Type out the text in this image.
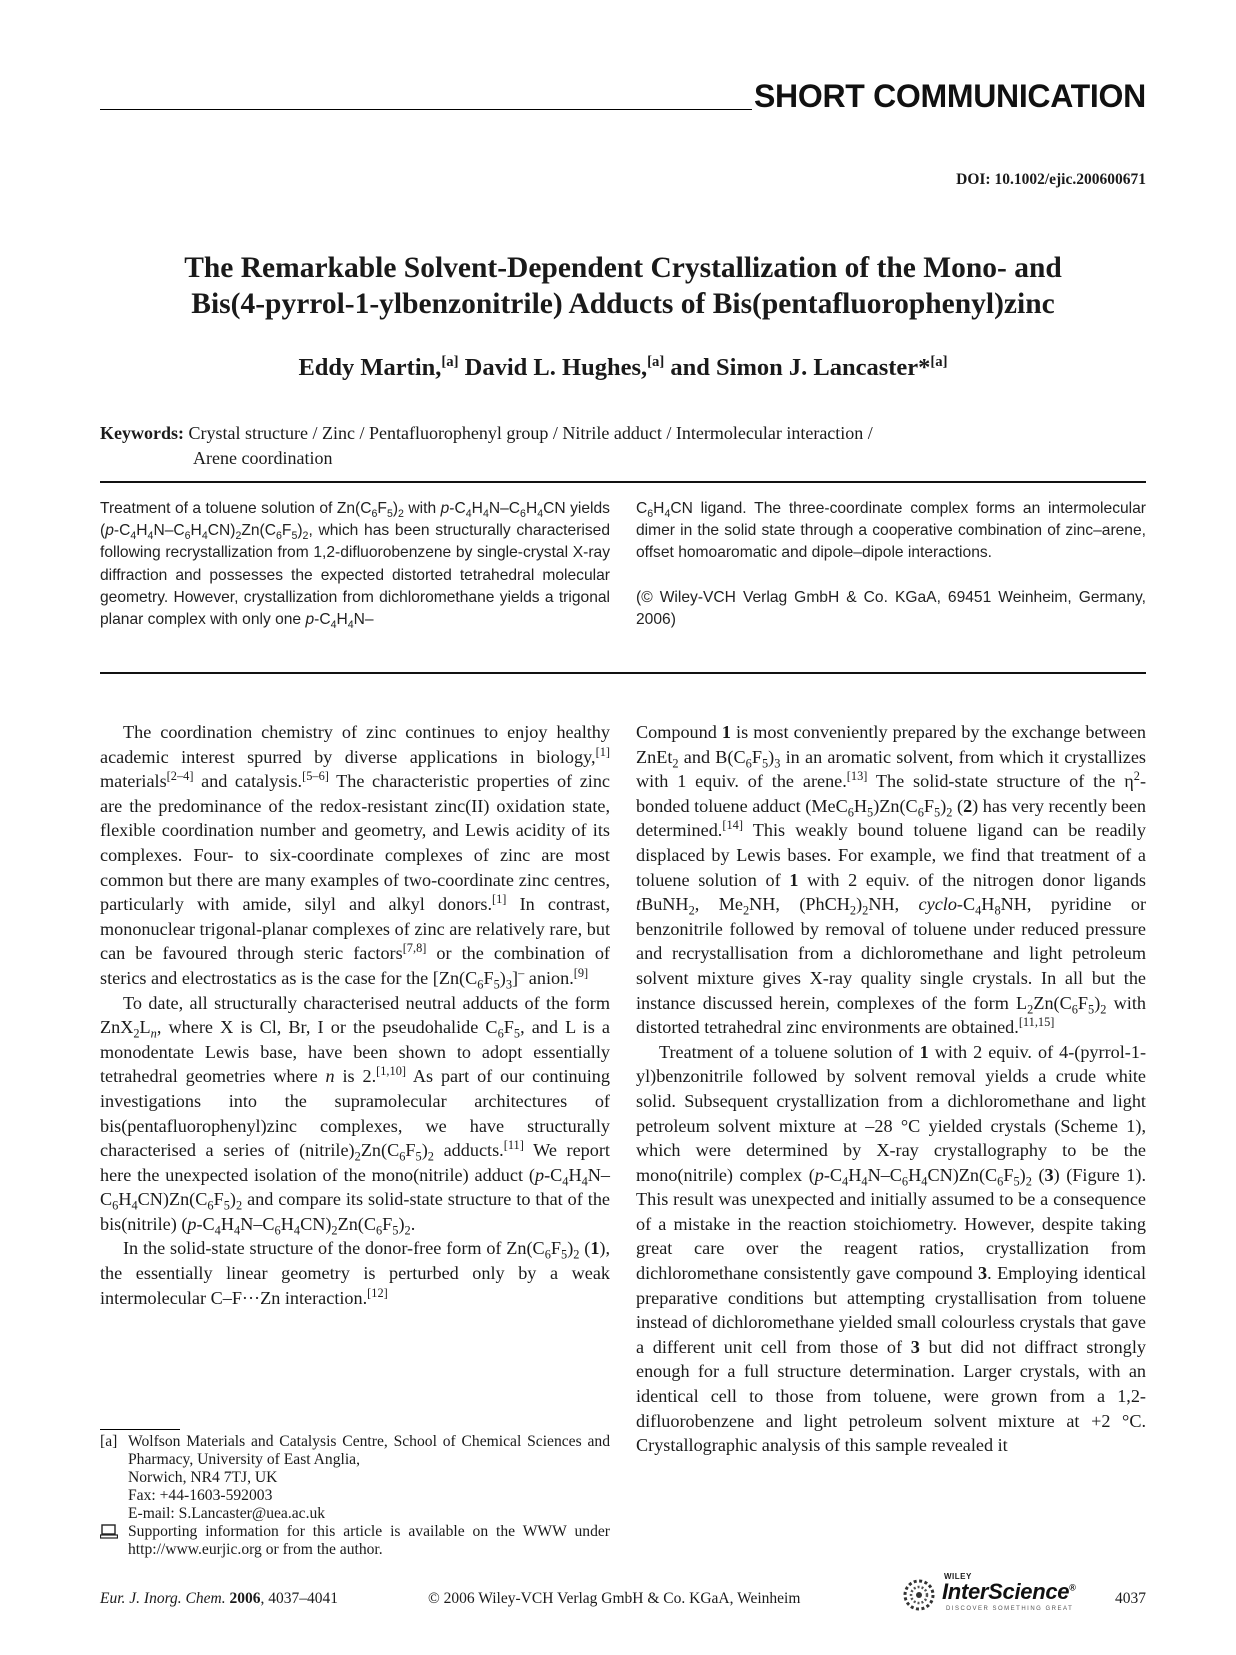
SHORT COMMUNICATION
DOI: 10.1002/ejic.200600671
The Remarkable Solvent-Dependent Crystallization of the Mono- and
Bis(4-pyrrol-1-ylbenzonitrile) Adducts of Bis(pentafluorophenyl)zinc
Eddy Martin,[a] David L. Hughes,[a] and Simon J. Lancaster*[a]
Keywords: Crystal structure / Zinc / Pentafluorophenyl group / Nitrile adduct / Intermolecular interaction /
Arene coordination

Treatment of a toluene solution of $Zn(C_6F_5)_2$ with $p-C_4H_4N-C_6H_4CN$ yields $(p-C_4H_4N-C_6H_4CN)_2Zn(C_6F_5)_2$, which has been structurally characterised following recrystallization from 1,2-difluorobenzene by single-crystal X-ray diffraction and possesses the expected distorted tetrahedral molecular geometry. However, crystallization from dichloromethane yields a trigonal planar complex with only one $p-C_4H_4N-$

$C_6H_4CN$ ligand. The three-coordinate complex forms an intermolecular dimer in the solid state through a cooperative combination of zinc–arene, offset homoaromatic and dipole–dipole interactions.

(© Wiley-VCH Verlag GmbH & Co. KGaA, 69451 Weinheim, Germany, 2006)

The coordination chemistry of zinc continues to enjoy healthy academic interest spurred by diverse applications in biology,[1] materials[2–4] and catalysis.[5–6] The characteristic properties of zinc are the predominance of the redox-resistant zinc(II) oxidation state, flexible coordination number and geometry, and Lewis acidity of its complexes. Four- to six-coordinate complexes of zinc are most common but there are many examples of two-coordinate zinc centres, particularly with amide, silyl and alkyl donors.[1] In contrast, mononuclear trigonal-planar complexes of zinc are relatively rare, but can be favoured through steric factors[7,8] or the combination of sterics and electrostatics as is the case for the $[Zn(C_6F_5)_3]^-$ anion.[9]

To date, all structurally characterised neutral adducts of the form $ZnX_2L_n$, where X is Cl, Br, I or the pseudohalide $C_6F_5$, and L is a monodentate Lewis base, have been shown to adopt essentially tetrahedral geometries where n is 2.[1,10] As part of our continuing investigations into the supramolecular architectures of bis(pentafluorophenyl)zinc complexes, we have structurally characterised a series of $(nitrile)_2Zn(C_6F_5)_2$ adducts.[11] We report here the unexpected isolation of the mono(nitrile) adduct $(p-C_4H_4N-C_6H_4CN)Zn(C_6F_5)_2$ and compare its solid-state structure to that of the bis(nitrile) $(p-C_4H_4N-C_6H_4CN)_2Zn(C_6F_5)_2$.

In the solid-state structure of the donor-free form of $Zn(C_6F_5)_2$ (1), the essentially linear geometry is perturbed only by a weak intermolecular C–F···Zn interaction.[12]

Compound 1 is most conveniently prepared by the exchange between ZnEt$_2$ and $B(C_6F_5)_3$ in an aromatic solvent, from which it crystallizes with 1 equiv. of the arene.[13] The solid-state structure of the $\eta^2$-bonded toluene adduct $(MeC_6H_5)Zn(C_6F_5)_2$ (2) has very recently been determined.[14] This weakly bound toluene ligand can be readily displaced by Lewis bases. For example, we find that treatment of a toluene solution of 1 with 2 equiv. of the nitrogen donor ligands tBuNH$_2$, $Me_2NH$, $(PhCH_2)_2NH$, cyclo-$C_4H_8NH$, pyridine or benzonitrile followed by removal of toluene under reduced pressure and recrystallisation from a dichloromethane and light petroleum solvent mixture gives X-ray quality single crystals. In all but the instance discussed herein, complexes of the form $L_2Zn(C_6F_5)_2$ with distorted tetrahedral zinc environments are obtained.[11,15]

Treatment of a toluene solution of 1 with 2 equiv. of 4-(pyrrol-1-yl)benzonitrile followed by solvent removal yields a crude white solid. Subsequent crystallization from a dichloromethane and light petroleum solvent mixture at –28 °C yielded crystals (Scheme 1), which were determined by X-ray crystallography to be the mono(nitrile) complex $(p-C_4H_4N-C_6H_4CN)Zn(C_6F_5)_2$ (3) (Figure 1). This result was unexpected and initially assumed to be a consequence of a mistake in the reaction stoichiometry. However, despite taking great care over the reagent ratios, crystallization from dichloromethane consistently gave compound 3. Employing identical preparative conditions but attempting crystallisation from toluene instead of dichloromethane yielded small colourless crystals that gave a different unit cell from those of 3 but did not diffract strongly enough for a full structure determination. Larger crystals, with an identical cell to those from toluene, were grown from a 1,2-difluorobenzene and light petroleum solvent mixture at +2 °C. Crystallographic analysis of this sample revealed it

[a] Wolfson Materials and Catalysis Centre, School of Chemical Sciences and Pharmacy, University of East Anglia,

Norwich, NR4 7TJ, UK

Fax: +44-1603-592003

E-mail: S.Lancaster@uea.ac.uk

Supporting information for this article is available on the WWW under http://www.eurjic.org or from the author.

Eur. J. Inorg. Chem. 2006, 4037–4041	© 2006 Wiley-VCH Verlag GmbH & Co. KGaA, Weinheim
WILEY
InterScience®
DISCOVER SOMETHING GREAT
4037
